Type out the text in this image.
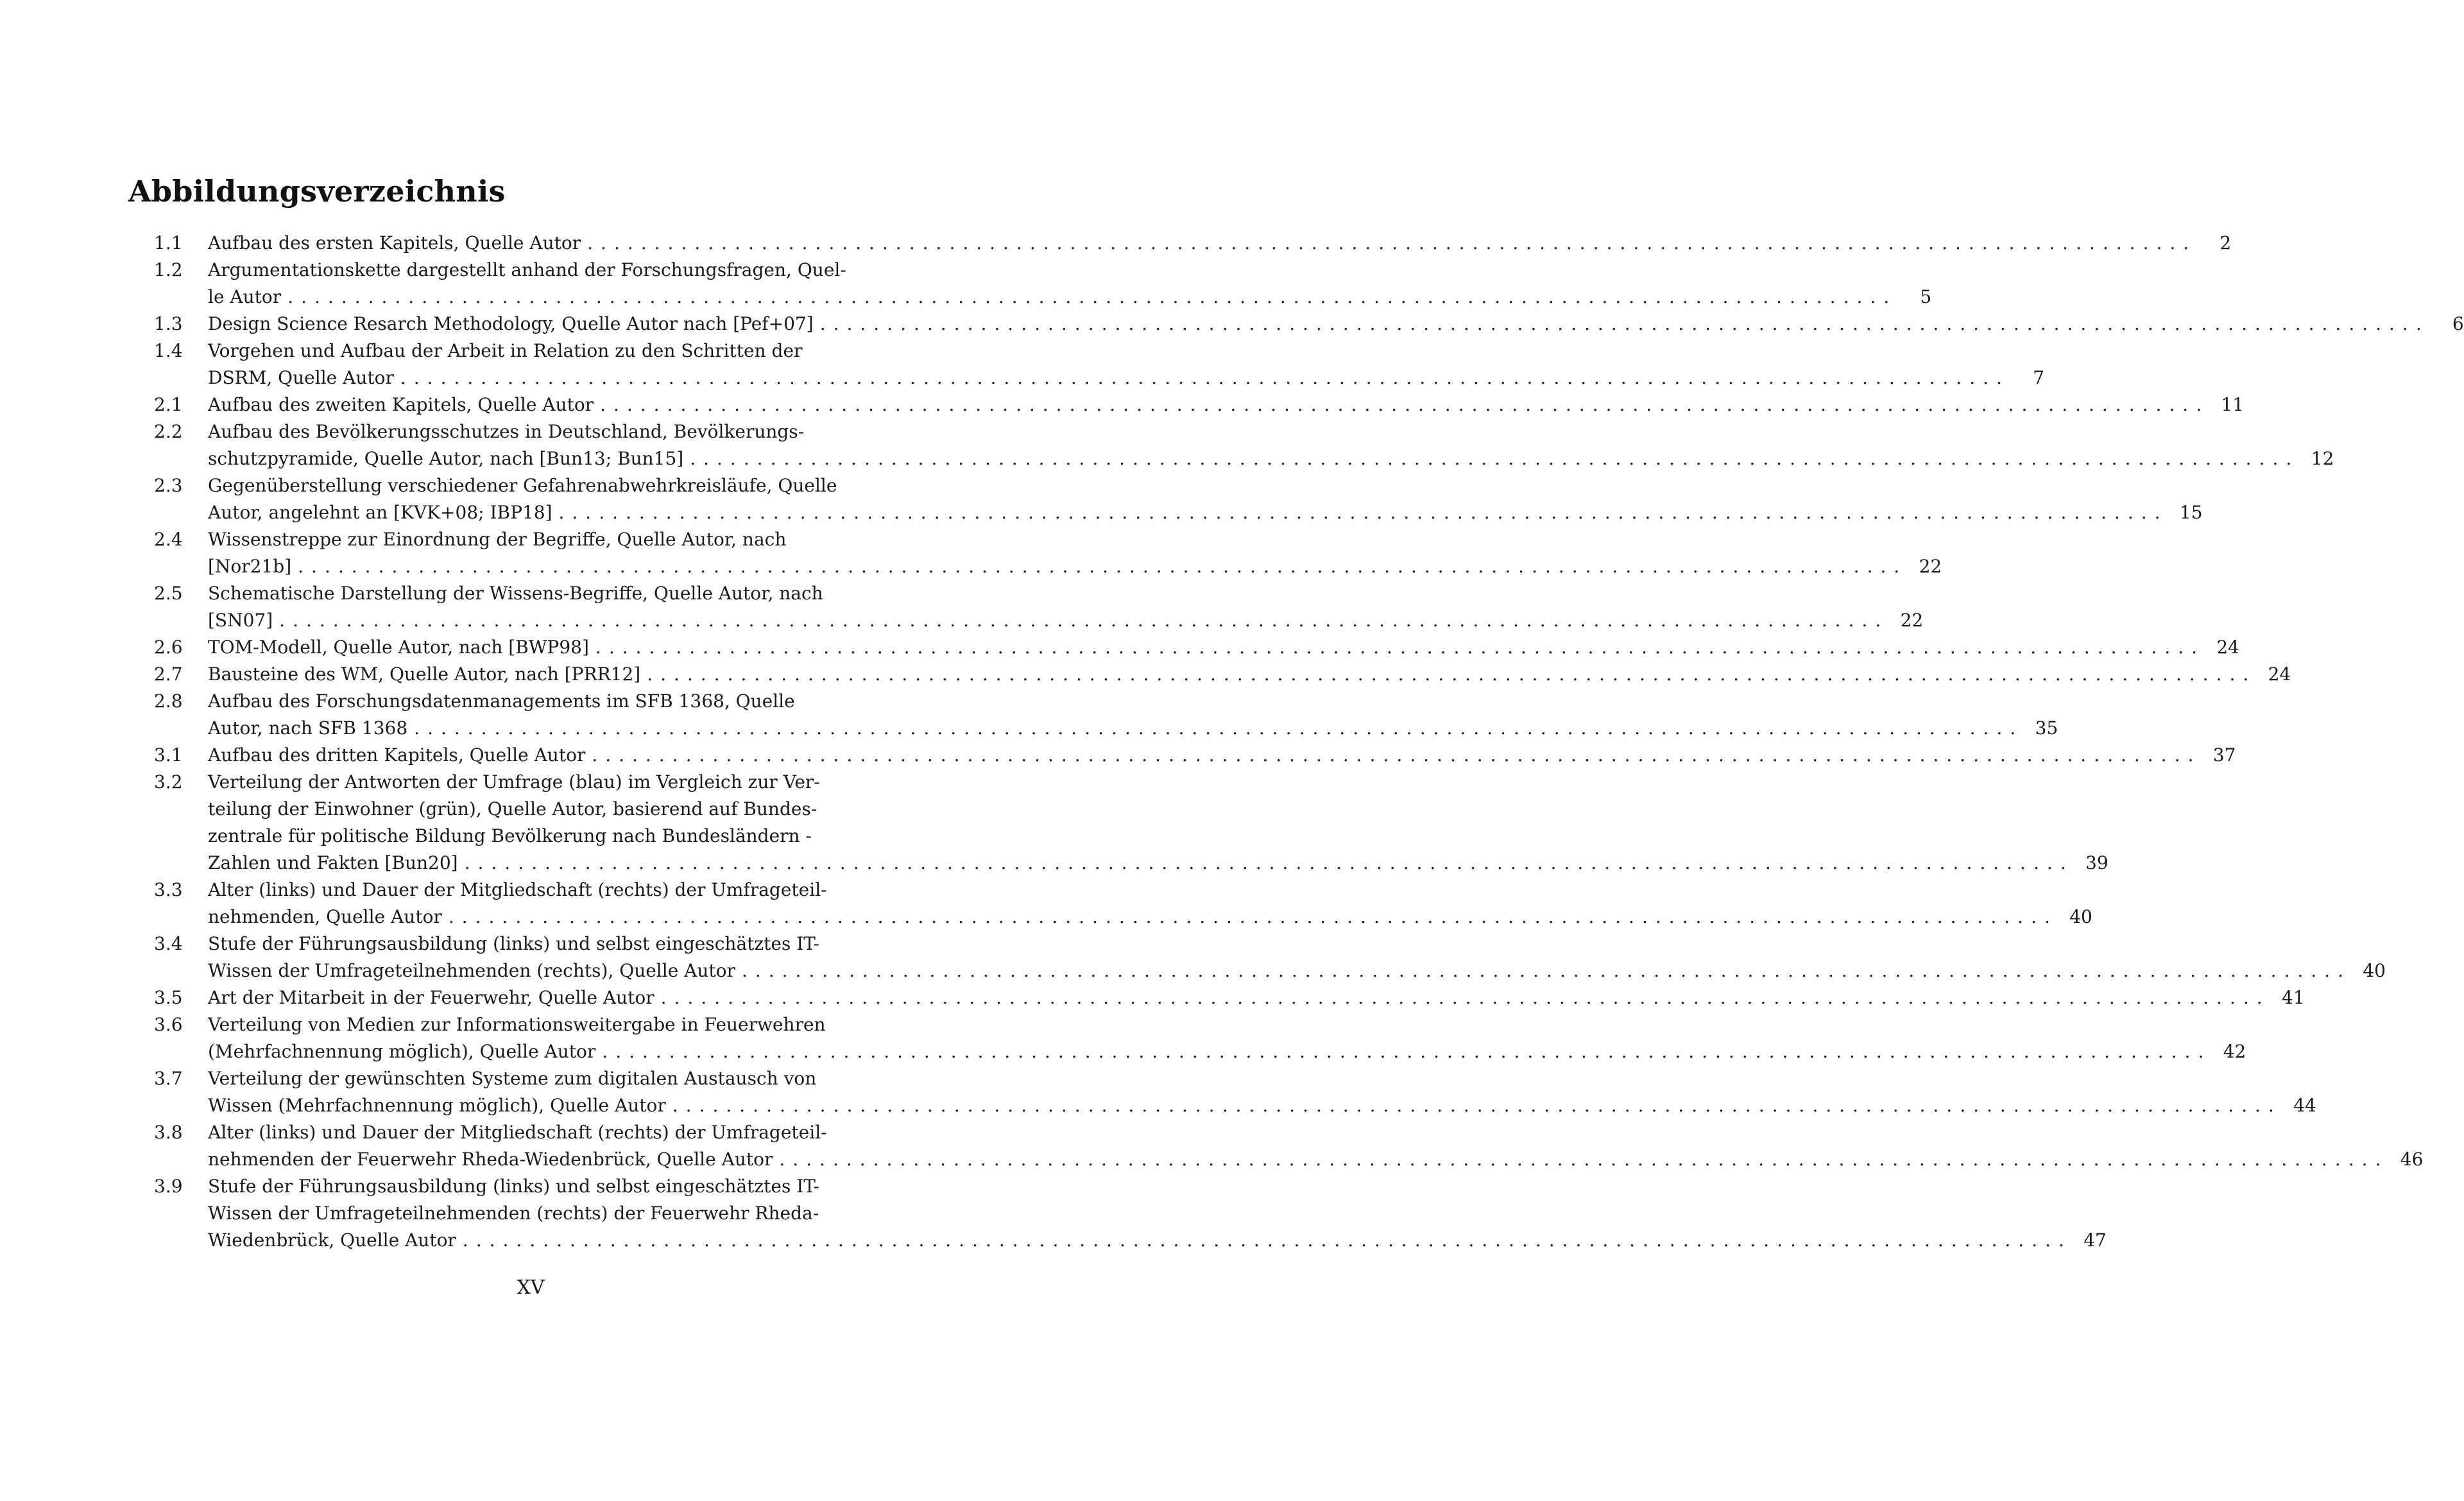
Abbildungsverzeichnis
1.1	Aufbau des ersten Kapitels, Quelle Autor ........................................................................................................................	2
1.2	Argumentationskette dargestellt anhand der Forschungsfragen, Quel-
le Autor ........................................................................................................................	5
1.3	Design Science Resarch Methodology, Quelle Autor nach [Pef+07] ........................................................................................................................	6
1.4	Vorgehen und Aufbau der Arbeit in Relation zu den Schritten der
DSRM, Quelle Autor ........................................................................................................................	7
2.1	Aufbau des zweiten Kapitels, Quelle Autor ........................................................................................................................ 11
2.2	Aufbau des Bevölkerungsschutzes in Deutschland, Bevölkerungs-
schutzpyramide, Quelle Autor, nach [Bun13; Bun15] ........................................................................................................................ 12
2.3	Gegenüberstellung verschiedener Gefahrenabwehrkreisläufe, Quelle
Autor, angelehnt an [KVK+08; IBP18] ........................................................................................................................ 15
2.4	Wissenstreppe zur Einordnung der Begriffe, Quelle Autor, nach
[Nor21b] ........................................................................................................................ 22
2.5	Schematische Darstellung der Wissens-Begriffe, Quelle Autor, nach
[SN07] ........................................................................................................................ 22
2.6	TOM-Modell, Quelle Autor, nach [BWP98] ........................................................................................................................ 24
2.7	Bausteine des WM, Quelle Autor, nach [PRR12] ........................................................................................................................ 24
2.8	Aufbau des Forschungsdatenmanagements im SFB 1368, Quelle
Autor, nach SFB 1368 ........................................................................................................................ 35
3.1	Aufbau des dritten Kapitels, Quelle Autor ........................................................................................................................ 37
3.2	Verteilung der Antworten der Umfrage (blau) im Vergleich zur Ver-
teilung der Einwohner (grün), Quelle Autor, basierend auf Bundes-
zentrale für politische Bildung Bevölkerung nach Bundesländern -
Zahlen und Fakten [Bun20] ........................................................................................................................ 39
3.3	Alter (links) und Dauer der Mitgliedschaft (rechts) der Umfrageteil-
nehmenden, Quelle Autor ........................................................................................................................ 40
3.4	Stufe der Führungsausbildung (links) und selbst eingeschätztes IT-
Wissen der Umfrageteilnehmenden (rechts), Quelle Autor ........................................................................................................................ 40
3.5	Art der Mitarbeit in der Feuerwehr, Quelle Autor ........................................................................................................................ 41
3.6	Verteilung von Medien zur Informationsweitergabe in Feuerwehren
(Mehrfachnennung möglich), Quelle Autor ........................................................................................................................ 42
3.7	Verteilung der gewünschten Systeme zum digitalen Austausch von
Wissen (Mehrfachnennung möglich), Quelle Autor ........................................................................................................................ 44
3.8	Alter (links) und Dauer der Mitgliedschaft (rechts) der Umfrageteil-
nehmenden der Feuerwehr Rheda-Wiedenbrück, Quelle Autor ........................................................................................................................ 46
3.9	Stufe der Führungsausbildung (links) und selbst eingeschätztes IT-
Wissen der Umfrageteilnehmenden (rechts) der Feuerwehr Rheda-
Wiedenbrück, Quelle Autor ........................................................................................................................ 47
XV
